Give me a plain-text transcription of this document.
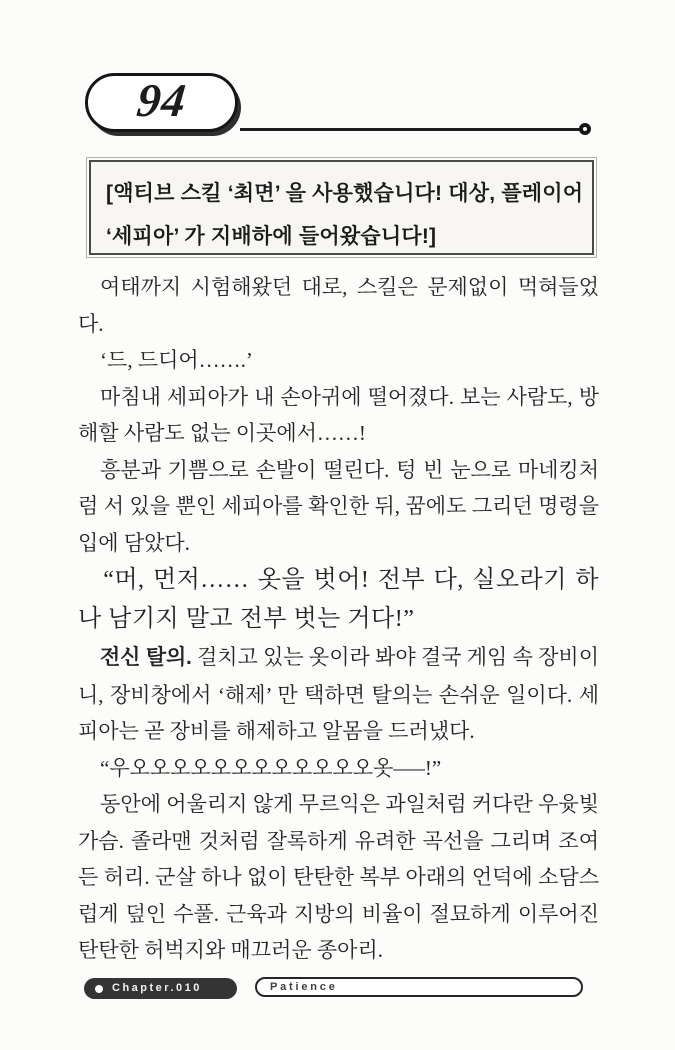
94
[액티브 스킬 ‘최면’ 을 사용했습니다! 대상, 플레이어
‘세피아’ 가 지배하에 들어왔습니다!]

여태까지 시험해왔던 대로, 스킬은 문제없이 먹혀들었다.

‘드, 드디어…….’

마침내 세피아가 내 손아귀에 떨어졌다. 보는 사람도, 방해할 사람도 없는 이곳에서……!

흥분과 기쁨으로 손발이 떨린다. 텅 빈 눈으로 마네킹처럼 서 있을 뿐인 세피아를 확인한 뒤, 꿈에도 그리던 명령을 입에 담았다.

“머, 먼저…… 옷을 벗어! 전부 다, 실오라기 하나 남기지 말고 전부 벗는 거다!”

전신 탈의. 걸치고 있는 옷이라 봐야 결국 게임 속 장비이니, 장비창에서 ‘해제’ 만 택하면 탈의는 손쉬운 일이다. 세피아는 곧 장비를 해제하고 알몸을 드러냈다.

“우오오오오오오오오오오오오옷–––!”

동안에 어울리지 않게 무르익은 과일처럼 커다란 우윳빛 가슴. 졸라맨 것처럼 잘록하게 유려한 곡선을 그리며 조여든 허리. 군살 하나 없이 탄탄한 복부 아래의 언덕에 소담스럽게 덮인 수풀. 근육과 지방의 비율이 절묘하게 이루어진 탄탄한 허벅지와 매끄러운 종아리.

Chapter.010	Patience
